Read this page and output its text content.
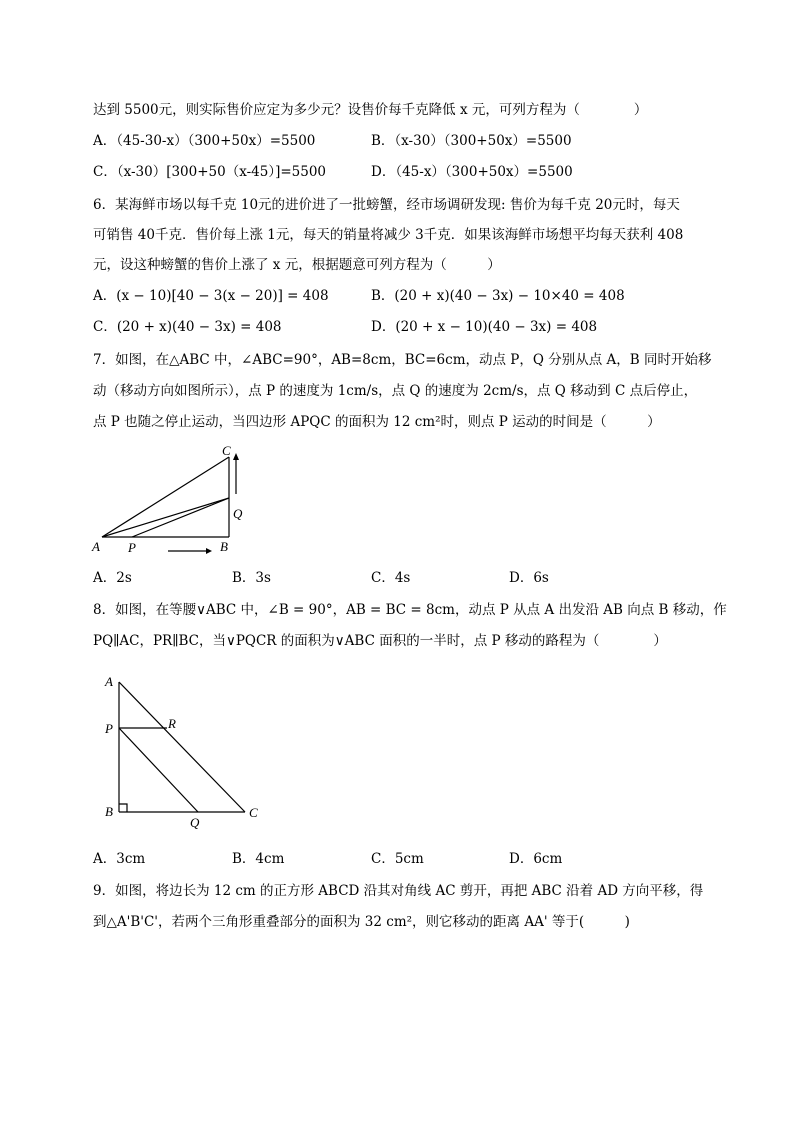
达到 5500元，则实际售价应定为多少元？设售价每千克降低 x 元，可列方程为（　　　　）
A．（45-30-x）（300+50x）=5500	B．（x-30）（300+50x）=5500
C．（x-30）[300+50（x-45）]=5500	D．（45-x）（300+50x）=5500
6．某海鲜市场以每千克 10元的进价进了一批螃蟹，经市场调研发现: 售价为每千克 20元时，每天
可销售 40千克．售价每上涨 1元，每天的销量将减少 3千克．如果该海鲜市场想平均每天获利 408
元，设这种螃蟹的售价上涨了 x 元，根据题意可列方程为（　　　）
A．(x − 10)[40 − 3(x − 20)] = 408	B．(20 + x)(40 − 3x) − 10×40 = 408
C．(20 + x)(40 − 3x) = 408	D．(20 + x − 10)(40 − 3x) = 408
7．如图，在△ABC 中，∠ABC=90°，AB=8cm，BC=6cm，动点 P，Q 分别从点 A，B 同时开始移
动（移动方向如图所示），点 P 的速度为 1cm/s，点 Q 的速度为 2cm/s，点 Q 移动到 C 点后停止，
点 P 也随之停止运动，当四边形 APQC 的面积为 12 cm²时，则点 P 运动的时间是（　　　）
A P	B
C
Q
A．2s	B．3s	C．4s	D．6s
8．如图，在等腰∨ABC 中，∠B = 90°，AB = BC = 8cm，动点 P 从点 A 出发沿 AB 向点 B 移动，作
PQ∥AC，PR∥BC，当∨PQCR 的面积为∨ABC 面积的一半时，点 P 移动的路程为（　　　　）
A
P	R
B
Q
C
A．3cm	B．4cm	C．5cm	D．6cm
9．如图，将边长为 12 cm 的正方形 ABCD 沿其对角线 AC 剪开，再把 ABC 沿着 AD 方向平移，得
到△A'B'C'，若两个三角形重叠部分的面积为 32 cm²，则它移动的距离 AA' 等于(　　　)
